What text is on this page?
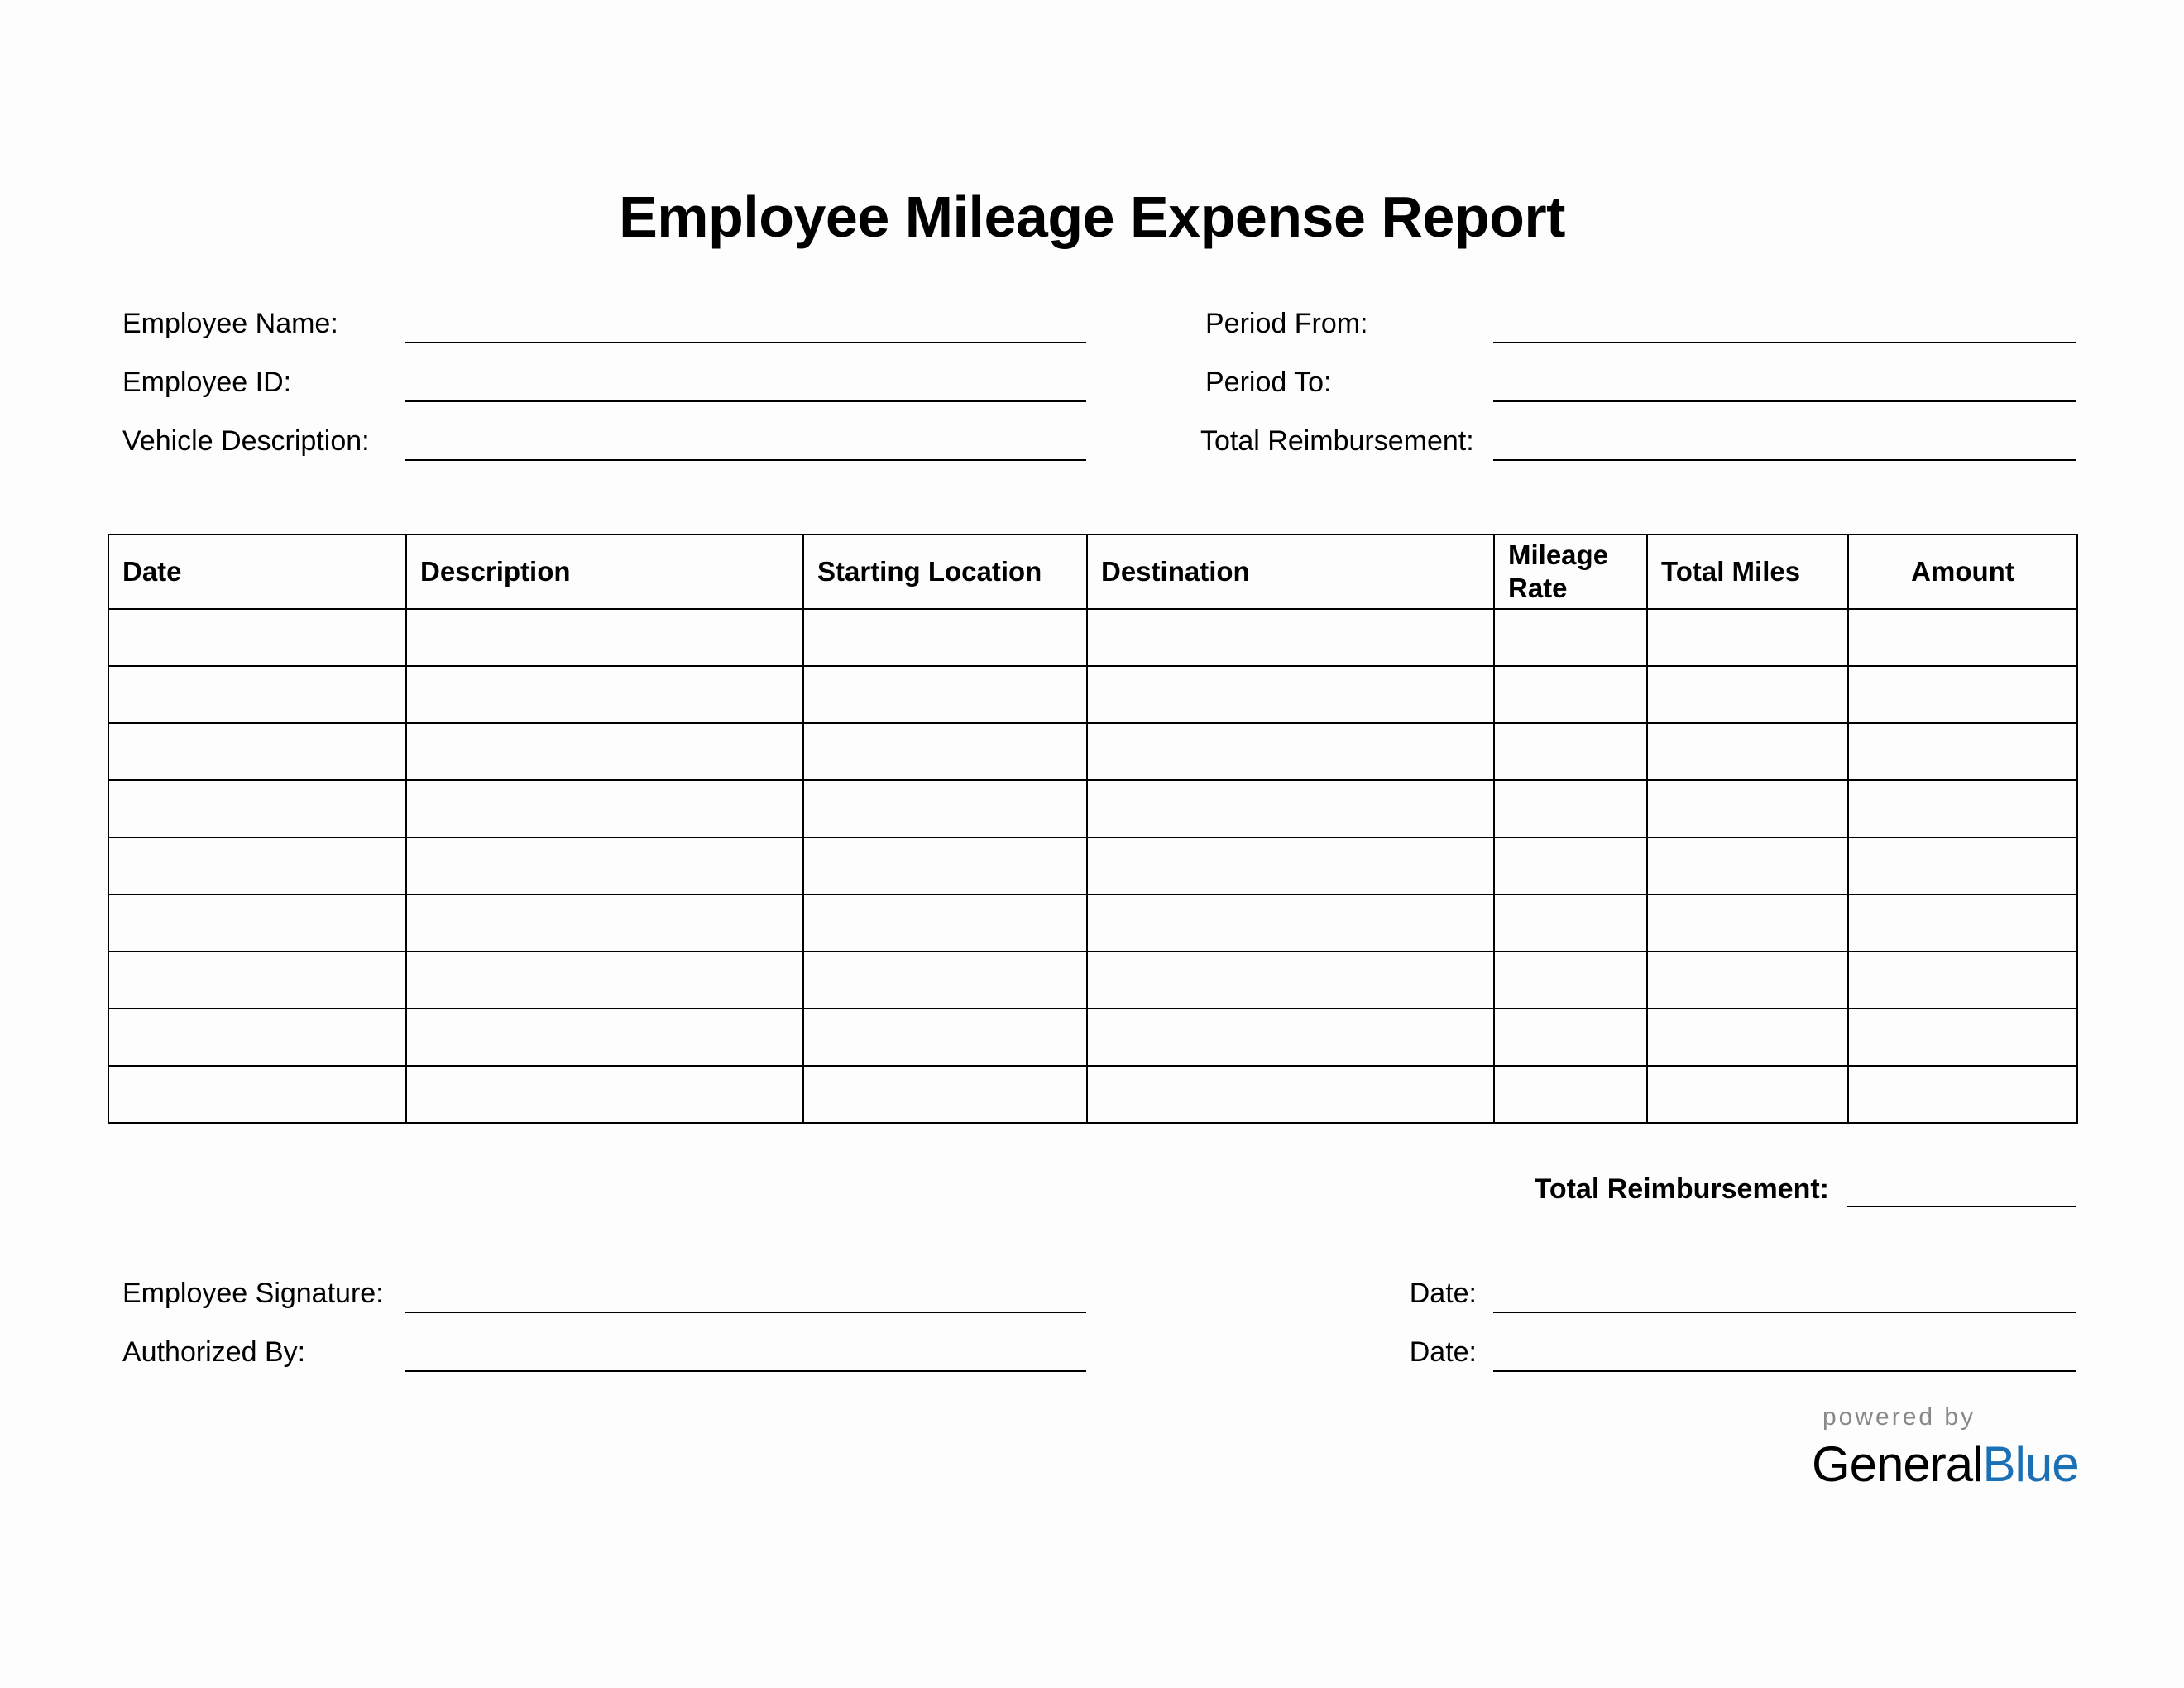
Employee Mileage Expense Report
Employee Name:
Employee ID:
Vehicle Description:
Period From:
Period To:
Total Reimbursement:
Date	Description	Starting Location	Destination	Mileage Rate	Total Miles	Amount

Total Reimbursement:
Employee Signature:	Date:
Authorized By:	Date:
powered by
GeneralBlue
